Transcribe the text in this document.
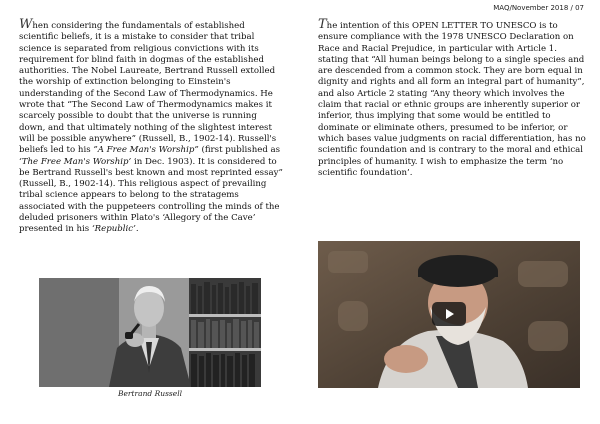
MAQ/November 2018 / 07
When considering the fundamentals of established scientific beliefs, it is a mistake to consider that tribal science is separated from religious convictions with its requirement for blind faith in dogmas of the established authorities. The Nobel Laureate, Bertrand Russell extolled the worship of extinction belonging to Einstein's understanding of the Second Law of Thermodynamics. He wrote that “The Second Law of Thermodynamics makes it scarcely possible to doubt that the universe is running down, and that ultimately nothing of the slightest interest will be possible anywhere” (Russell, B., 1902-14). Russell's beliefs led to his ”A Free Man's Worship” (first published as ‘The Free Man's Worship’ in Dec. 1903). It is considered to be Bertrand Russell's best known and most reprinted essay” (Russell, B., 1902-14). This religious aspect of prevailing tribal science appears to belong to the stratagems associated with the puppeteers controlling the minds of the deluded prisoners within Plato's ‘Allegory of the Cave’ presented in his ‘Republic’.
The intention of this OPEN LETTER TO UNESCO is to ensure compliance with the 1978 UNESCO Declaration on Race and Racial Prejudice, in particular with Article 1. stating that “All human beings belong to a single species and are descended from a common stock. They are born equal in dignity and rights and all form an integral part of humanity”, and also Article 2 stating “Any theory which involves the claim that racial or ethnic groups are inherently superior or inferior, thus implying that some would be entitled to dominate or eliminate others, presumed to be inferior, or which bases value judgments on racial differentiation, has no scientific foundation and is contrary to the moral and ethical principles of humanity. I wish to emphasize the term ‘no scientific foundation’.
Bertrand Russell
